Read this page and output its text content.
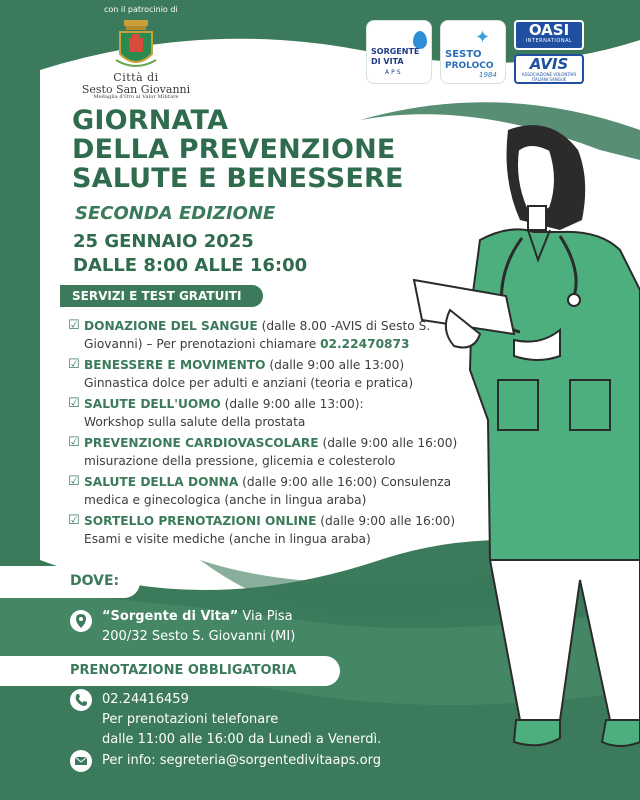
con il patrocinio di
Città di
Sesto San Giovanni
Medaglia d'Oro al Valor Militare
SORGENTE
DI VITA
APS
✦
SESTO
PROLOCO
1984
OASI
INTERNATIONAL
AVIS
ASSOCIAZIONE VOLONTARI ITALIANI SANGUE
GIORNATA
DELLA PREVENZIONE
SALUTE E BENESSERE
SECONDA EDIZIONE
25 GENNAIO 2025
DALLE 8:00 ALLE 16:00
SERVIZI E TEST GRATUITI
☑ DONAZIONE DEL SANGUE (dalle 8.00 -AVIS di Sesto S.
Giovanni) – Per prenotazioni chiamare 02.22470873
☑ BENESSERE E MOVIMENTO (dalle 9:00 alle 13:00)
Ginnastica dolce per adulti e anziani (teoria e pratica)
☑ SALUTE DELL'UOMO (dalle 9:00 alle 13:00):
Workshop sulla salute della prostata
☑ PREVENZIONE CARDIOVASCOLARE (dalle 9:00 alle 16:00)
misurazione della pressione, glicemia e colesterolo
☑ SALUTE DELLA DONNA (dalle 9:00 alle 16:00) Consulenza
medica e ginecologica (anche in lingua araba)
☑ SORTELLO PRENOTAZIONI ONLINE (dalle 9:00 alle 16:00)
Esami e visite mediche (anche in lingua araba)
DOVE:
“Sorgente di Vita” Via Pisa
200/32 Sesto S. Giovanni (MI)
PRENOTAZIONE OBBLIGATORIA
02.24416459
Per prenotazioni telefonare
dalle 11:00 alle 16:00 da Lunedì a Venerdì.
Per info: segreteria@sorgentedivitaaps.org
